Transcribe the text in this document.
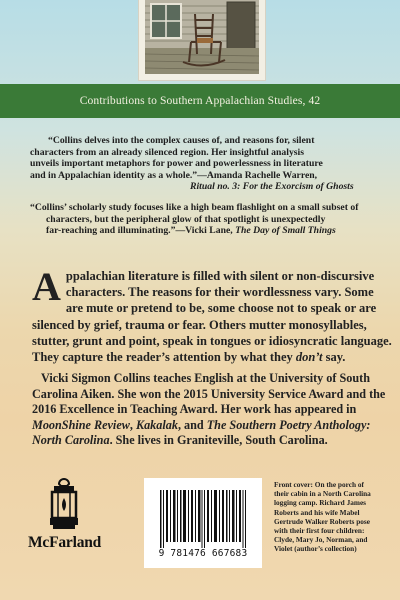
Contributions to Southern Appalachian Studies, 42

“Collins delves into the complex causes of, and reasons for, silent

characters from an already silenced region. Her insightful analysis

unveils important metaphors for power and powerlessness in literature

and in Appalachian identity as a whole.”—Amanda Rachelle Warren,

Ritual no. 3: For the Exorcism of Ghosts

“Collins’ scholarly study focuses like a high beam flashlight on a small subset of

characters, but the peripheral glow of that spotlight is unexpectedly

far-reaching and illuminating.”—Vicki Lane, The Day of Small Things

A ppalachian literature is filled with silent or non-discursive
characters. The reasons for their wordlessness vary. Some
are mute or pretend to be, some choose not to speak or are
silenced by grief, trauma or fear. Others mutter monosyllables,
stutter, grunt and point, speak in tongues or idiosyncratic language.
They capture the reader’s attention by what they don’t say.
Vicki Sigmon Collins teaches English at the University of South
Carolina Aiken. She won the 2015 University Service Award and the
2016 Excellence in Teaching Award. Her work has appeared in
MoonShine Review, Kakalak, and The Southern Poetry Anthology:
North Carolina. She lives in Graniteville, South Carolina.
McFarland
9 781476 667683
Front cover: On the porch of
their cabin in a North Carolina
logging camp. Richard James
Roberts and his wife Mabel
Gertrude Walker Roberts pose
with their first four children:
Clyde, Mary Jo, Norman, and
Violet (author’s collection)
